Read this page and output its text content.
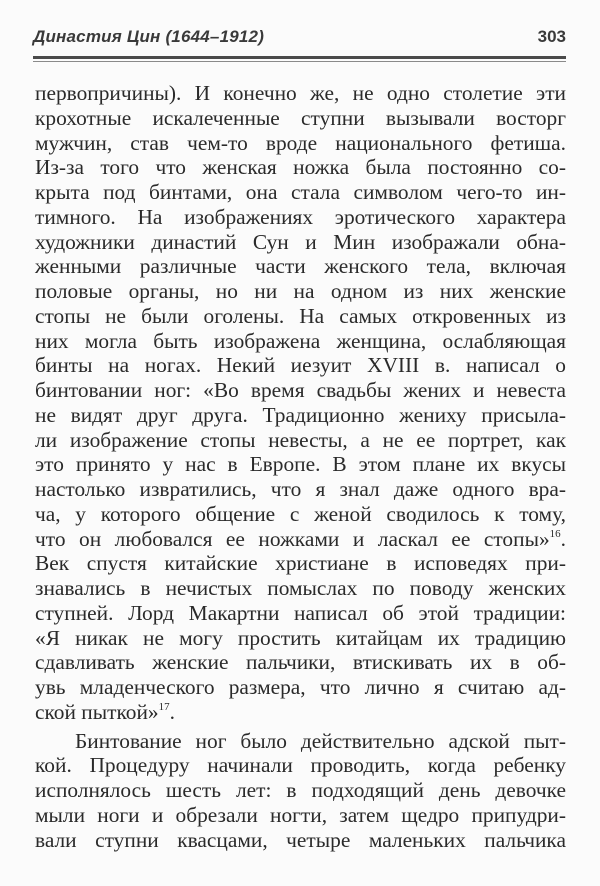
Династия Цин (1644–1912)	303
первопричины). И конечно же, не одно столетие эти
крохотные искалеченные ступни вызывали восторг
мужчин, став чем-то вроде национального фетиша.
Из-за того что женская ножка была постоянно со-
крыта под бинтами, она стала символом чего-то ин-
тимного. На изображениях эротического характера
художники династий Сун и Мин изображали обна-
женными различные части женского тела, включая
половые органы, но ни на одном из них женские
стопы не были оголены. На самых откровенных из
них могла быть изображена женщина, ослабляющая
бинты на ногах. Некий иезуит XVIII в. написал о
бинтовании ног: «Во время свадьбы жених и невеста
не видят друг друга. Традиционно жениху присыла-
ли изображение стопы невесты, а не ее портрет, как
это принято у нас в Европе. В этом плане их вкусы
настолько извратились, что я знал даже одного вра-
ча, у которого общение с женой сводилось к тому,
что он любовался ее ножками и ласкал ее стопы»$^{16}$.
Век спустя китайские христиане в исповедях при-
знавались в нечистых помыслах по поводу женских
ступней. Лорд Макартни написал об этой традиции:
«Я никак не могу простить китайцам их традицию
сдавливать женские пальчики, втискивать их в об-
увь младенческого размера, что лично я считаю ад-
ской пыткой»$^{17}$.
Бинтование ног было действительно адской пыт-
кой. Процедуру начинали проводить, когда ребенку
исполнялось шесть лет: в подходящий день девочке
мыли ноги и обрезали ногти, затем щедро припудри-
вали ступни квасцами, четыре маленьких пальчика
